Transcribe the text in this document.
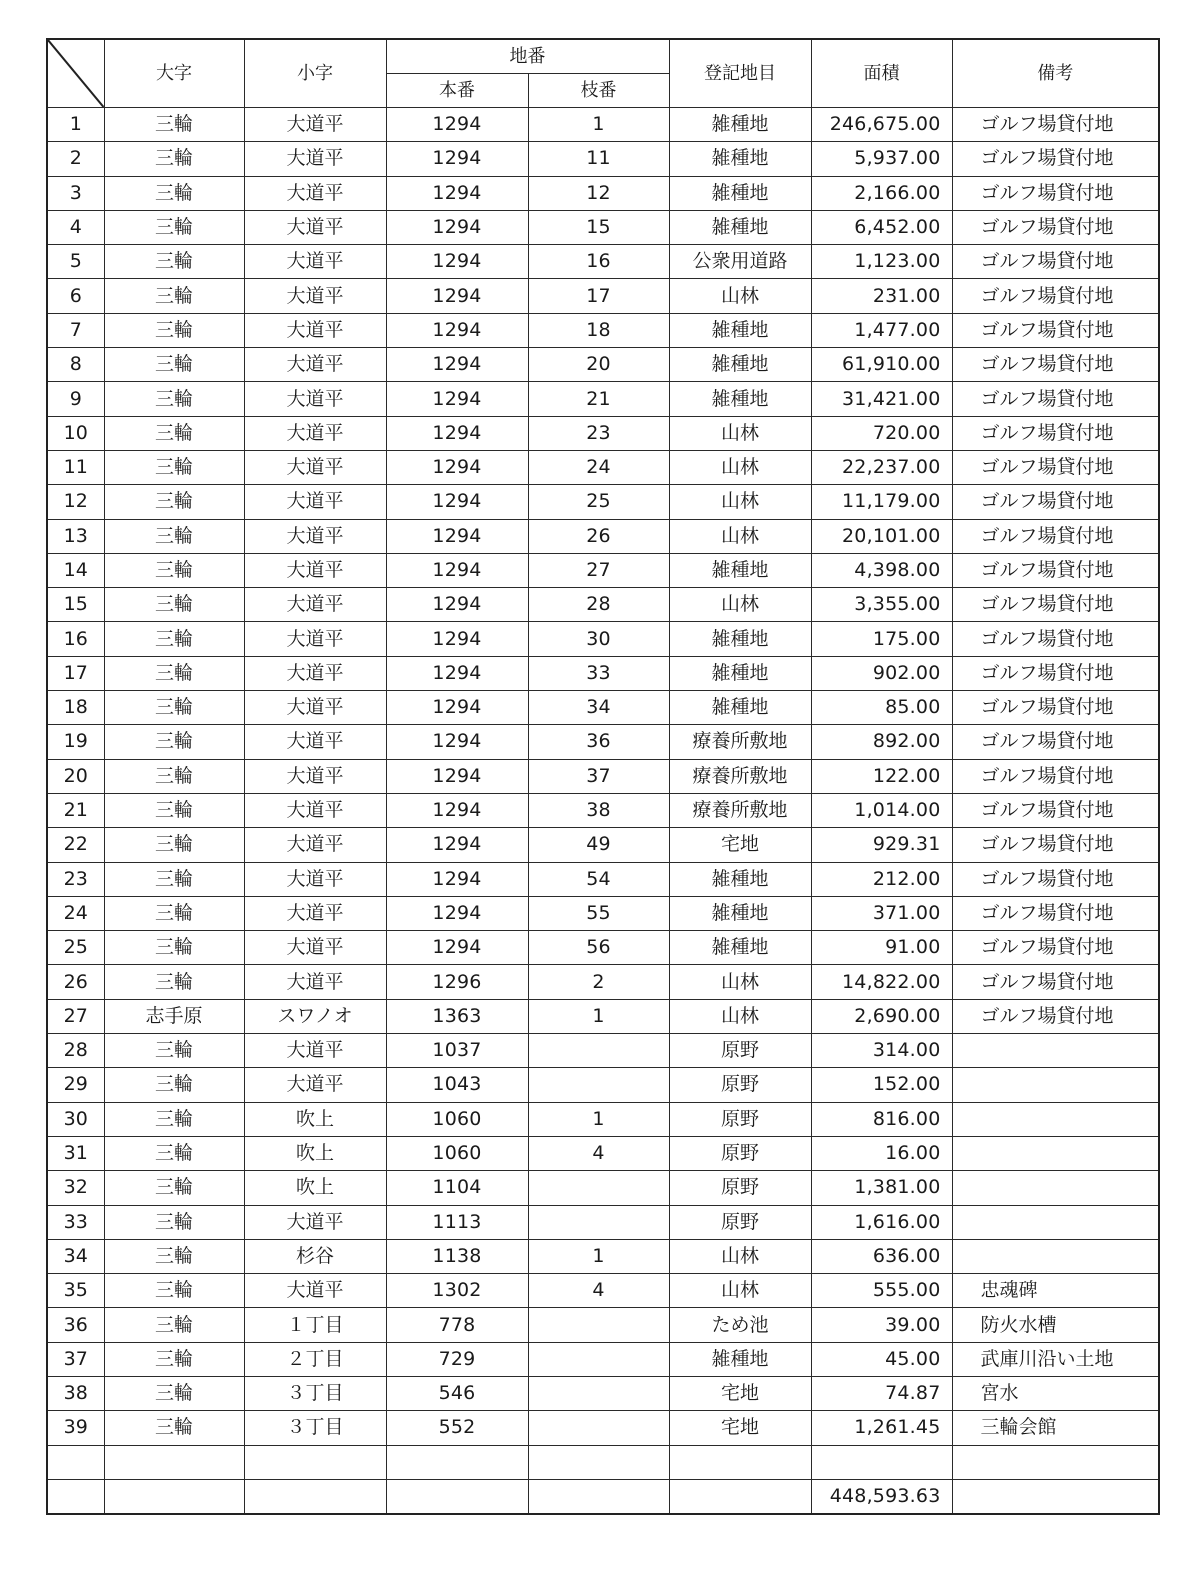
	大字	小字	地番		登記地目	面積	備考
			本番	枝番			
1	三輪	大道平	1294	1	雑種地	246,675.00	ゴルフ場貸付地
2	三輪	大道平	1294	11	雑種地	5,937.00	ゴルフ場貸付地
3	三輪	大道平	1294	12	雑種地	2,166.00	ゴルフ場貸付地
4	三輪	大道平	1294	15	雑種地	6,452.00	ゴルフ場貸付地
5	三輪	大道平	1294	16	公衆用道路	1,123.00	ゴルフ場貸付地
6	三輪	大道平	1294	17	山林	231.00	ゴルフ場貸付地
7	三輪	大道平	1294	18	雑種地	1,477.00	ゴルフ場貸付地
8	三輪	大道平	1294	20	雑種地	61,910.00	ゴルフ場貸付地
9	三輪	大道平	1294	21	雑種地	31,421.00	ゴルフ場貸付地
10	三輪	大道平	1294	23	山林	720.00	ゴルフ場貸付地
11	三輪	大道平	1294	24	山林	22,237.00	ゴルフ場貸付地
12	三輪	大道平	1294	25	山林	11,179.00	ゴルフ場貸付地
13	三輪	大道平	1294	26	山林	20,101.00	ゴルフ場貸付地
14	三輪	大道平	1294	27	雑種地	4,398.00	ゴルフ場貸付地
15	三輪	大道平	1294	28	山林	3,355.00	ゴルフ場貸付地
16	三輪	大道平	1294	30	雑種地	175.00	ゴルフ場貸付地
17	三輪	大道平	1294	33	雑種地	902.00	ゴルフ場貸付地
18	三輪	大道平	1294	34	雑種地	85.00	ゴルフ場貸付地
19	三輪	大道平	1294	36	療養所敷地	892.00	ゴルフ場貸付地
20	三輪	大道平	1294	37	療養所敷地	122.00	ゴルフ場貸付地
21	三輪	大道平	1294	38	療養所敷地	1,014.00	ゴルフ場貸付地
22	三輪	大道平	1294	49	宅地	929.31	ゴルフ場貸付地
23	三輪	大道平	1294	54	雑種地	212.00	ゴルフ場貸付地
24	三輪	大道平	1294	55	雑種地	371.00	ゴルフ場貸付地
25	三輪	大道平	1294	56	雑種地	91.00	ゴルフ場貸付地
26	三輪	大道平	1296	2	山林	14,822.00	ゴルフ場貸付地
27	志手原	スワノオ	1363	1	山林	2,690.00	ゴルフ場貸付地
28	三輪	大道平	1037		原野	314.00	
29	三輪	大道平	1043		原野	152.00	
30	三輪	吹上	1060	1	原野	816.00	
31	三輪	吹上	1060	4	原野	16.00	
32	三輪	吹上	1104		原野	1,381.00	
33	三輪	大道平	1113		原野	1,616.00	
34	三輪	杉谷	1138	1	山林	636.00	
35	三輪	大道平	1302	4	山林	555.00	忠魂碑
36	三輪	１丁目	778		ため池	39.00	防火水槽
37	三輪	２丁目	729		雑種地	45.00	武庫川沿い土地
38	三輪	３丁目	546		宅地	74.87	宮水
39	三輪	３丁目	552		宅地	1,261.45	三輪会館

						448,593.63	
